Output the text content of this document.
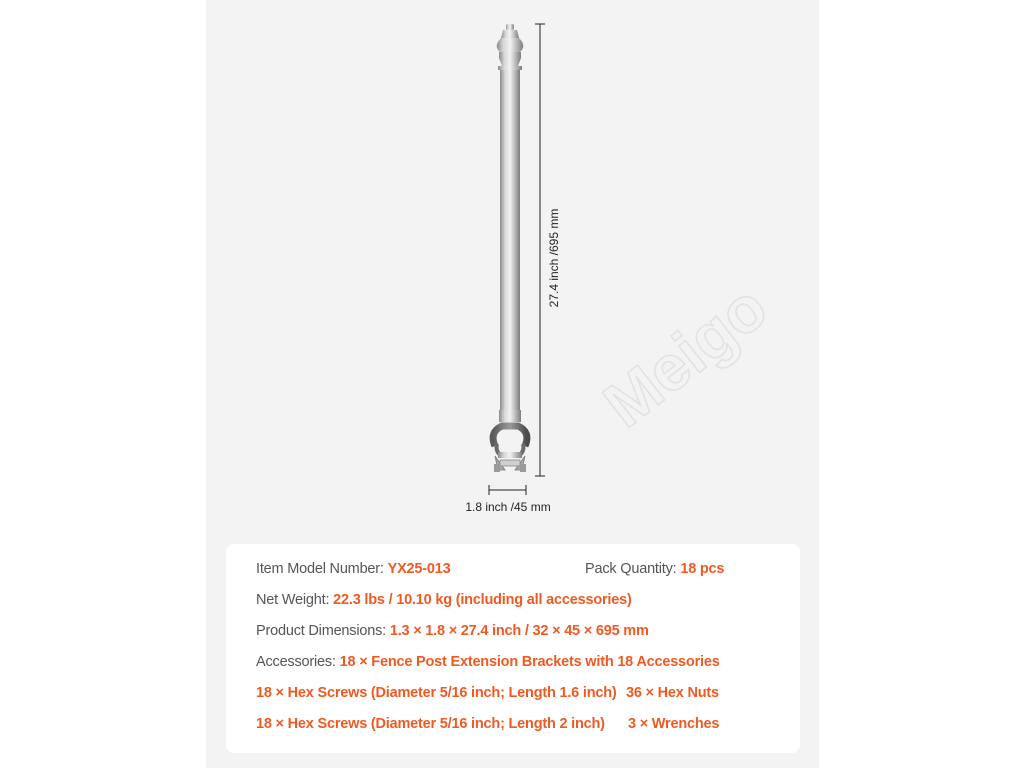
Meigo
27.4 inch /695 mm
1.8 inch /45 mm
Item Model Number: YX25-013	Pack Quantity: 18 pcs
Net Weight: 22.3 lbs / 10.10 kg (including all accessories)
Product Dimensions: 1.3 × 1.8 × 27.4 inch / 32 × 45 × 695 mm
Accessories: 18 × Fence Post Extension Brackets with 18 Accessories
18 × Hex Screws (Diameter 5/16 inch; Length 1.6 inch) 36 × Hex Nuts
18 × Hex Screws (Diameter 5/16 inch; Length 2 inch) 3 × Wrenches
